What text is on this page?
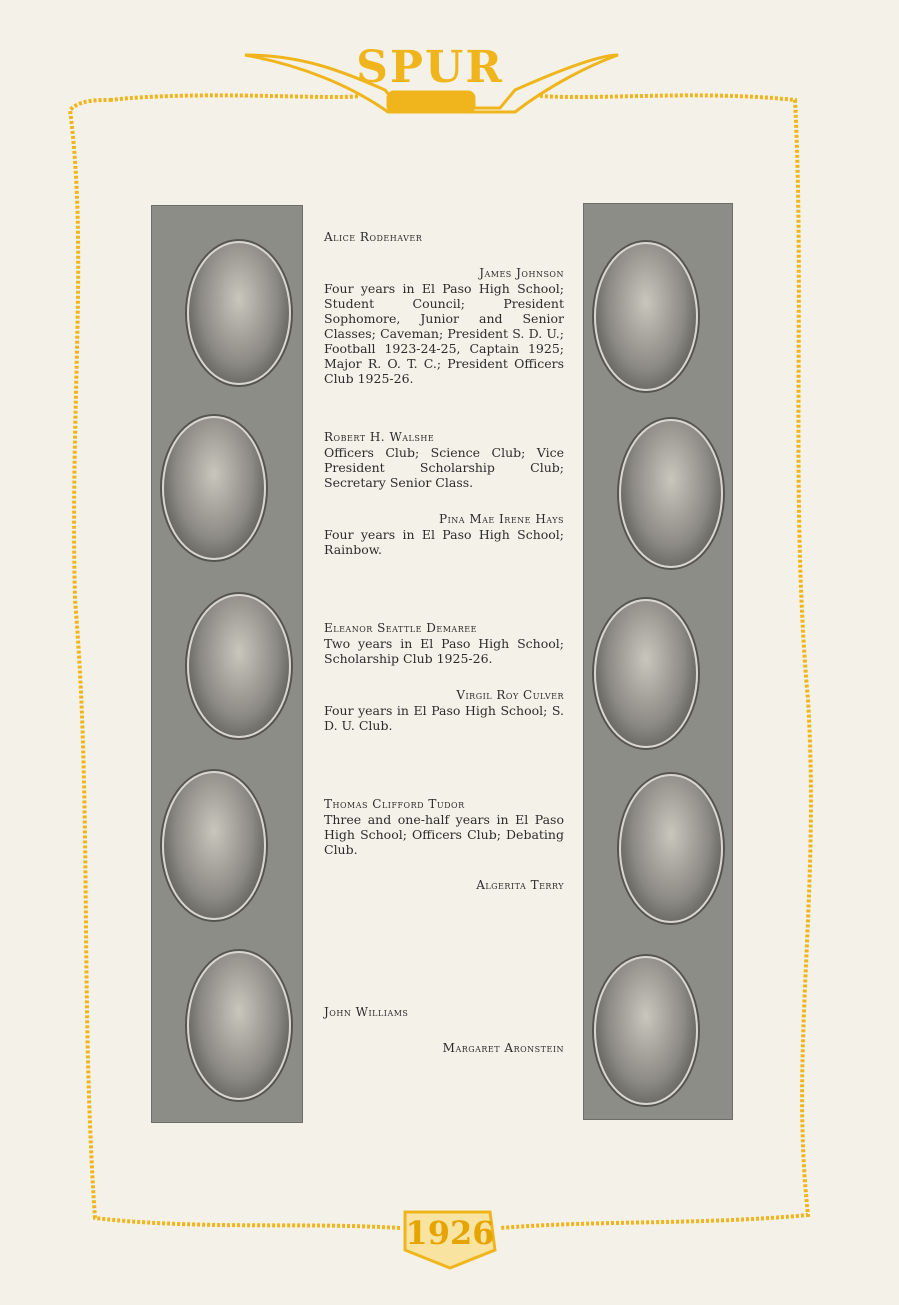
SPUR
1926
Alice Rodehaver
James Johnson
Four years in El Paso High School; Student Council; President Sophomore, Junior and Senior Classes; Caveman; President S. D. U.; Football 1923-24-25, Captain 1925; Major R. O. T. C.; President Officers Club 1925-26.
Robert H. Walshe
Officers Club; Science Club; Vice President Scholarship Club; Secretary Senior Class.
Pina Mae Irene Hays
Four years in El Paso High School; Rainbow.
Eleanor Seattle Demaree
Two years in El Paso High School; Scholarship Club 1925-26.
Virgil Roy Culver
Four years in El Paso High School; S. D. U. Club.
Thomas Clifford Tudor
Three and one-half years in El Paso High School; Officers Club; Debating Club.
Algerita Terry
John Williams
Margaret Aronstein
